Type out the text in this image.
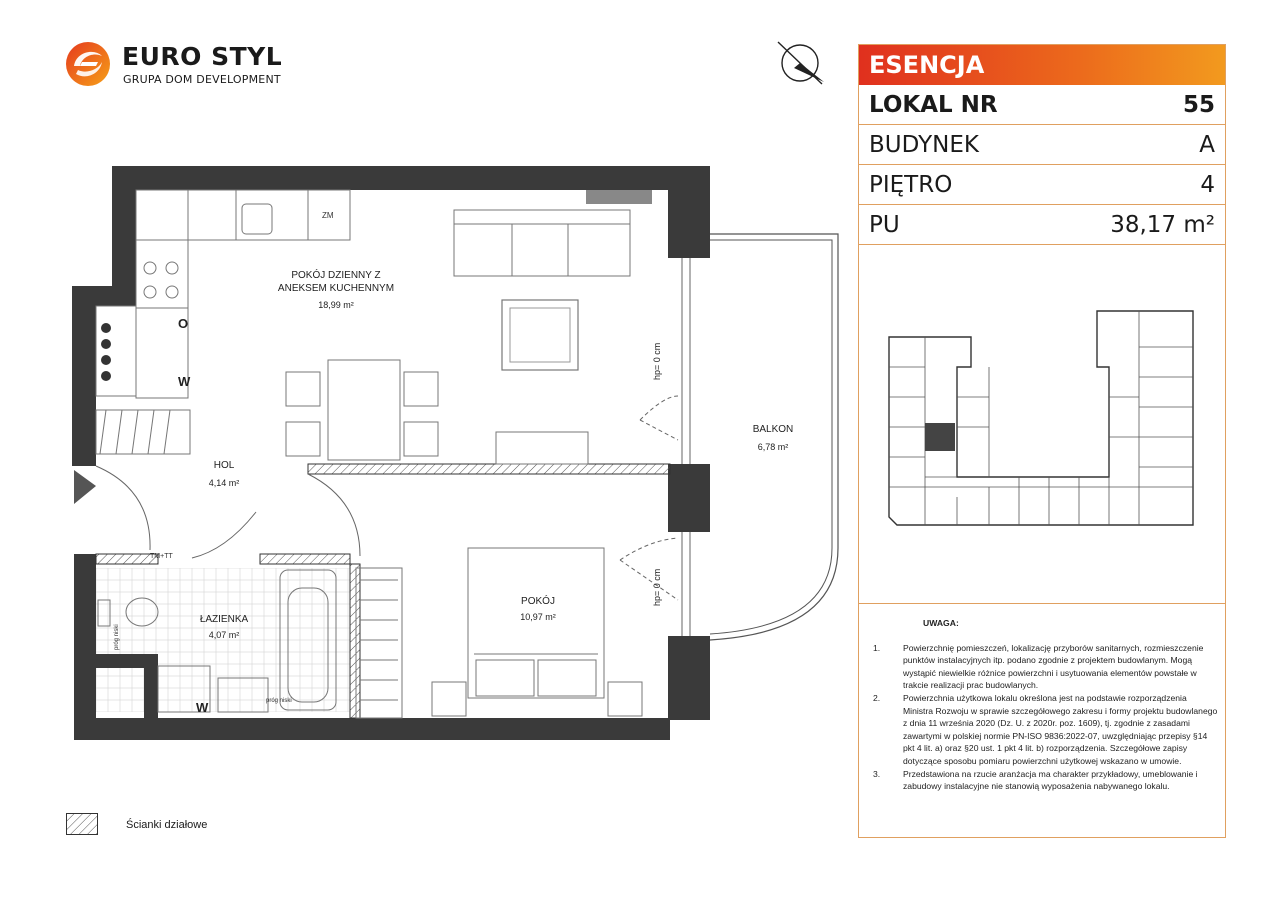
EURO STYL
GRUPA DOM DEVELOPMENT
ZM
O
W
TM+TT
próg niski
próg niski
W
POKÓJ DZIENNY Z
ANEKSEM KUCHENNYM
18,99 m²
HOL
4,14 m²
ŁAZIENKA
4,07 m²
POKÓJ
10,97 m²
BALKON
6,78 m²
hp= 0 cm
hp= 0 cm
ESENCJA
LOKAL NR	55
BUDYNEK	A
PIĘTRO	4
PU	38,17 m²
UWAGA:
1.	Powierzchnię pomieszczeń, lokalizację przyborów sanitarnych, rozmieszczenie punktów instalacyjnych itp. podano zgodnie z projektem budowlanym. Mogą wystąpić niewielkie różnice powierzchni i usytuowania elementów powstałe w trakcie realizacji prac budowlanych.
2.	Powierzchnia użytkowa lokalu określona jest na podstawie rozporządzenia Ministra Rozwoju w sprawie szczegółowego zakresu i formy projektu budowlanego z dnia 11 września 2020 (Dz. U. z 2020r. poz. 1609), tj. zgodnie z zasadami zawartymi w polskiej normie PN-ISO 9836:2022-07, uwzględniając przepisy §14 pkt 4 lit. a) oraz §20 ust. 1 pkt 4 lit. b) rozporządzenia. Szczegółowe zapisy dotyczące sposobu pomiaru powierzchni użytkowej wskazano w umowie.
3.	Przedstawiona na rzucie aranżacja ma charakter przykładowy, umeblowanie i zabudowy instalacyjne nie stanowią wyposażenia nabywanego lokalu.
Ścianki działowe
